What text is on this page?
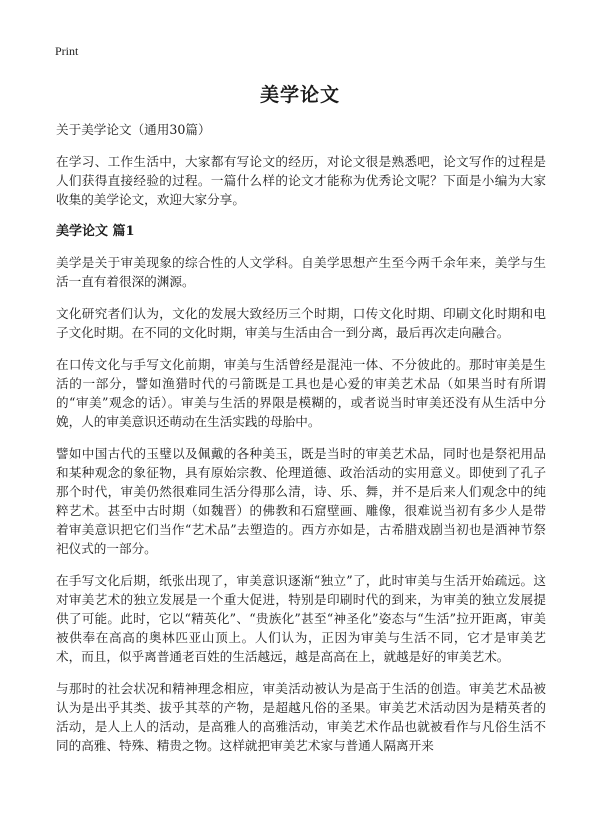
Print
美学论文

关于美学论文（通用30篇）

在学习、工作生活中，大家都有写论文的经历，对论文很是熟悉吧，论文写作的过程是人们获得直接经验的过程。一篇什么样的论文才能称为优秀论文呢？下面是小编为大家收集的美学论文，欢迎大家分享。

美学论文 篇1

美学是关于审美现象的综合性的人文学科。自美学思想产生至今两千余年来，美学与生活一直有着很深的渊源。

文化研究者们认为，文化的发展大致经历三个时期，口传文化时期、印刷文化时期和电子文化时期。在不同的文化时期，审美与生活由合一到分离，最后再次走向融合。

在口传文化与手写文化前期，审美与生活曾经是混沌一体、不分彼此的。那时审美是生活的一部分，譬如渔猎时代的弓箭既是工具也是心爱的审美艺术品（如果当时有所谓的“审美”观念的话）。审美与生活的界限是模糊的，或者说当时审美还没有从生活中分娩，人的审美意识还萌动在生活实践的母胎中。

譬如中国古代的玉璧以及佩戴的各种美玉，既是当时的审美艺术品，同时也是祭祀用品和某种观念的象征物，具有原始宗教、伦理道德、政治活动的实用意义。即使到了孔子那个时代，审美仍然很难同生活分得那么清，诗、乐、舞，并不是后来人们观念中的纯粹艺术。甚至中古时期（如魏晋）的佛教和石窟壁画、雕像，很难说当初有多少人是带着审美意识把它们当作“艺术品”去塑造的。西方亦如是，古希腊戏剧当初也是酒神节祭祀仪式的一部分。

在手写文化后期，纸张出现了，审美意识逐渐“独立”了，此时审美与生活开始疏远。这对审美艺术的独立发展是一个重大促进，特别是印刷时代的到来，为审美的独立发展提供了可能。此时，它以“精英化”、“贵族化”甚至“神圣化”姿态与“生活”拉开距离，审美被供奉在高高的奥林匹亚山顶上。人们认为，正因为审美与生活不同，它才是审美艺术，而且，似乎离普通老百姓的生活越远，越是高高在上，就越是好的审美艺术。

与那时的社会状况和精神理念相应，审美活动被认为是高于生活的创造。审美艺术品被认为是出乎其类、拔乎其萃的产物，是超越凡俗的圣果。审美艺术活动因为是精英者的活动，是人上人的活动，是高雅人的高雅活动，审美艺术作品也就被看作与凡俗生活不同的高雅、特殊、精贵之物。这样就把审美艺术家与普通人隔离开来
